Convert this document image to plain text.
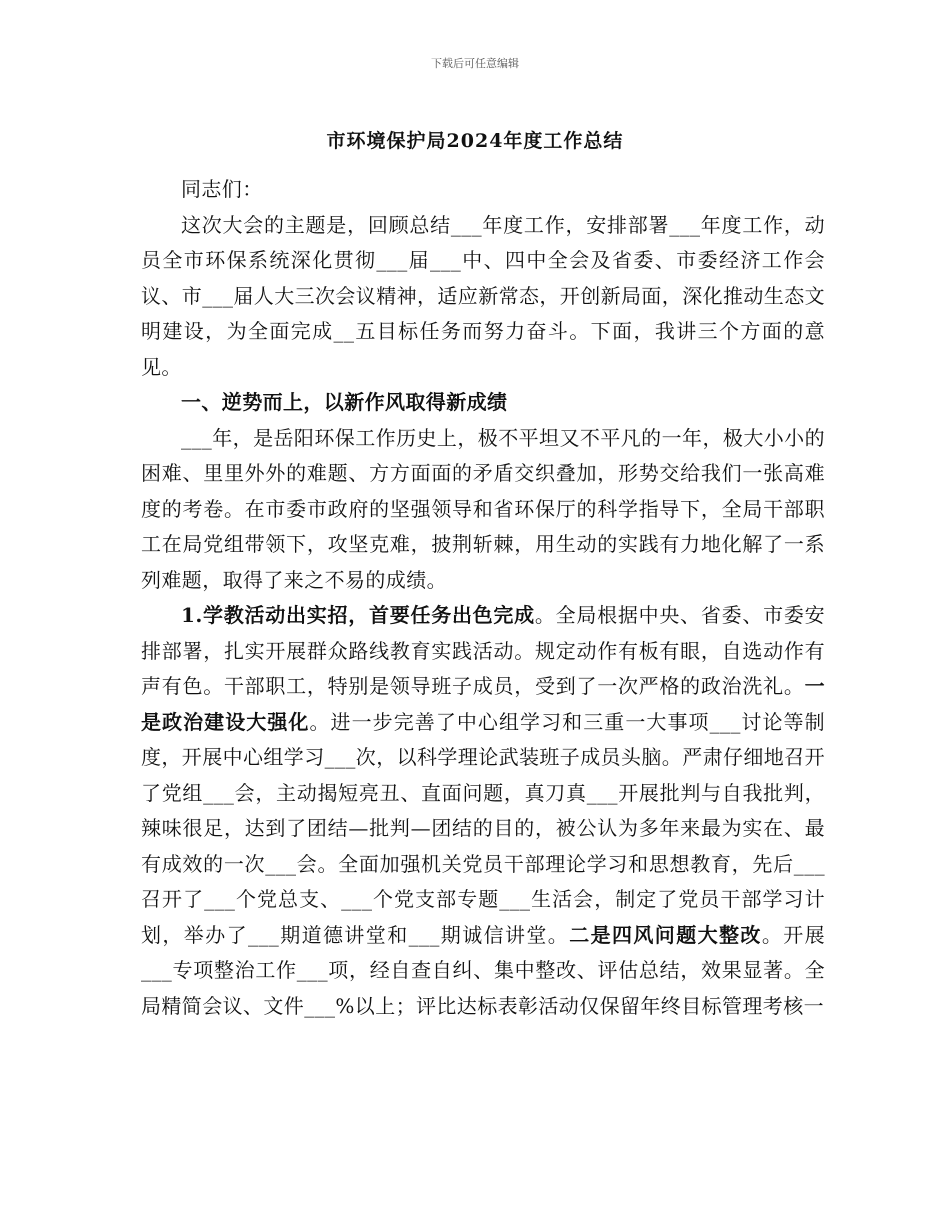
下载后可任意编辑
市环境保护局2024年度工作总结

同志们：

这次大会的主题是，回顾总结___年度工作，安排部署___年度工作，动员全市环保系统深化贯彻___届___中、四中全会及省委、市委经济工作会议、市___届人大三次会议精神，适应新常态，开创新局面，深化推动生态文明建设，为全面完成__五目标任务而努力奋斗。下面，我讲三个方面的意见。

一、逆势而上，以新作风取得新成绩

___年，是岳阳环保工作历史上，极不平坦又不平凡的一年，极大小小的困难、里里外外的难题、方方面面的矛盾交织叠加，形势交给我们一张高难度的考卷。在市委市政府的坚强领导和省环保厅的科学指导下，全局干部职工在局党组带领下，攻坚克难，披荆斩棘，用生动的实践有力地化解了一系列难题，取得了来之不易的成绩。

1.学教活动出实招，首要任务出色完成。全局根据中央、省委、市委安排部署，扎实开展群众路线教育实践活动。规定动作有板有眼，自选动作有声有色。干部职工，特别是领导班子成员，受到了一次严格的政治洗礼。一是政治建设大强化。进一步完善了中心组学习和三重一大事项___讨论等制度，开展中心组学习___次，以科学理论武装班子成员头脑。严肃仔细地召开了党组___会，主动揭短亮丑、直面问题，真刀真___开展批判与自我批判，辣味很足，达到了团结—批判—团结的目的，被公认为多年来最为实在、最有成效的一次___会。全面加强机关党员干部理论学习和思想教育，先后___召开了___个党总支、___个党支部专题___生活会，制定了党员干部学习计划，举办了___期道德讲堂和___期诚信讲堂。二是四风问题大整改。开展___专项整治工作___项，经自查自纠、集中整改、评估总结，效果显著。全局精简会议、文件___%以上；评比达标表彰活动仅保留年终目标管理考核一
